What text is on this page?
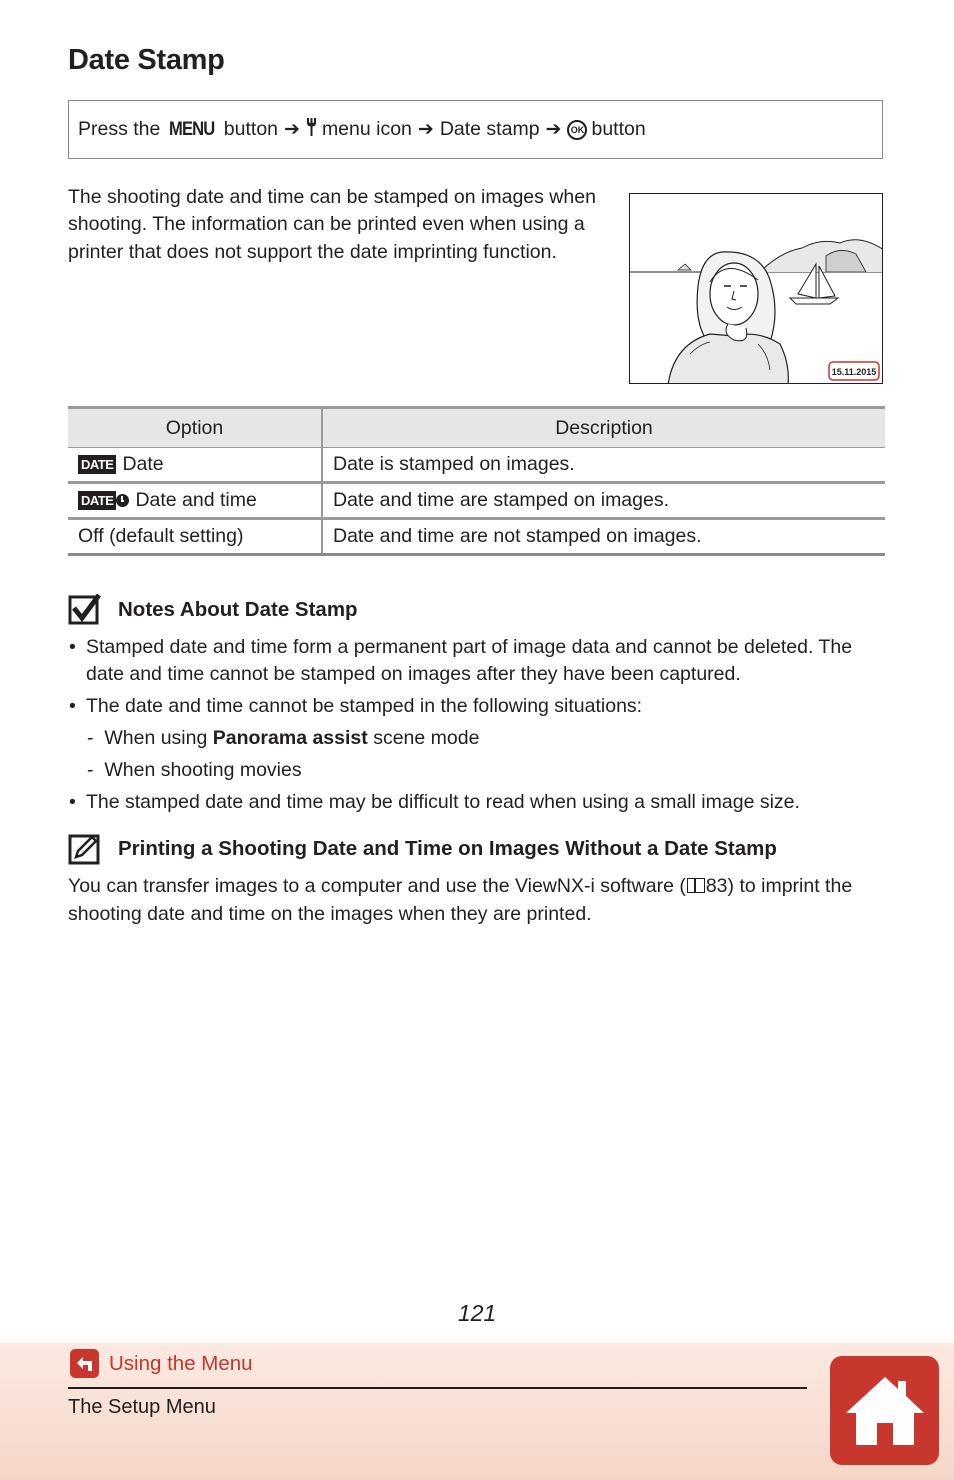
Date Stamp
Press the MENU button ➔ menu icon ➔ Date stamp ➔	OK button
The shooting date and time can be stamped on images when shooting. The information can be printed even when using a printer that does not support the date imprinting function.
15.11.2015
Option	Description
DATE Date	Date is stamped on images.
DATE Date and time	Date and time are stamped on images.
Off (default setting)	Date and time are not stamped on images.
Notes About Date Stamp
• Stamped date and time form a permanent part of image data and cannot be deleted. The date and time cannot be stamped on images after they have been captured.
• The date and time cannot be stamped in the following situations:
-  When using Panorama assist scene mode
-  When shooting movies
• The stamped date and time may be difficult to read when using a small image size.
Printing a Shooting Date and Time on Images Without a Date Stamp
You can transfer images to a computer and use the ViewNX-i software ( 83) to imprint the shooting date and time on the images when they are printed.
121
Using the Menu
The Setup Menu
